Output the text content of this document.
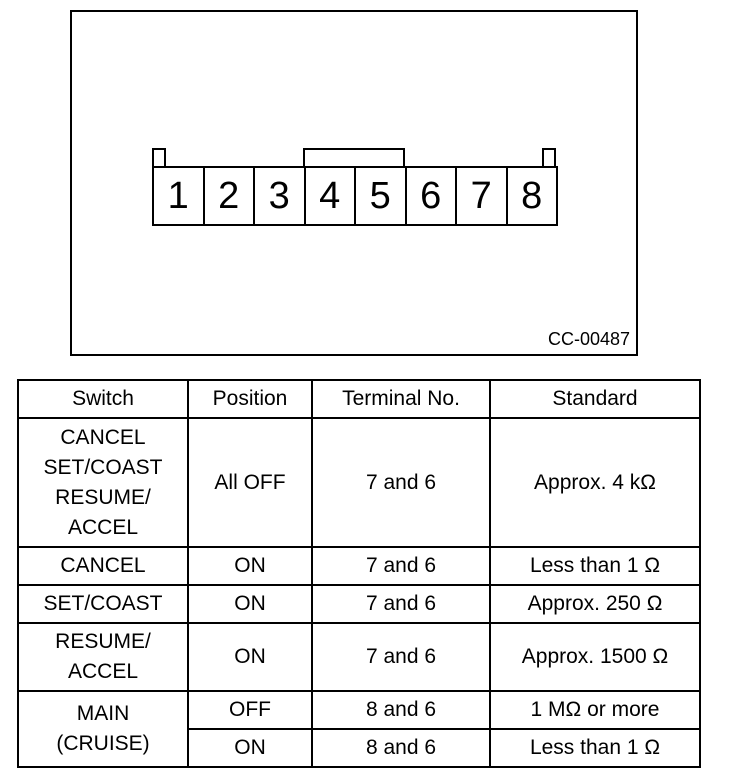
1 2 3 4 5 6 7 8
CC-00487
Switch	Position	Terminal No.	Standard
CANCEL
SET/COAST
RESUME/
ACCEL	All OFF	7 and 6	Approx. 4 kΩ
CANCEL	ON	7 and 6	Less than 1 Ω
SET/COAST	ON	7 and 6	Approx. 250 Ω
RESUME/
ACCEL	ON	7 and 6	Approx. 1500 Ω
MAIN
(CRUISE)	OFF	8 and 6	1 MΩ or more
	ON	8 and 6	Less than 1 Ω
